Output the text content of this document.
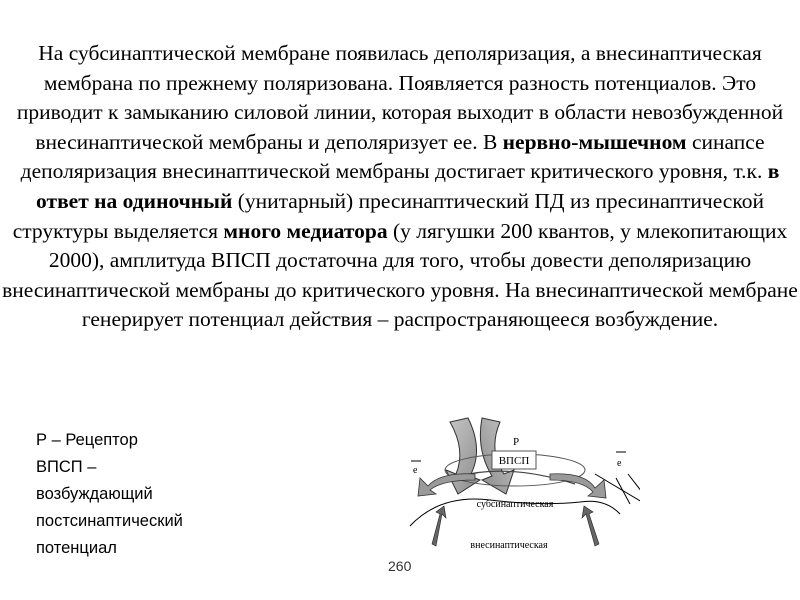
На субсинаптической мембране появилась деполяризация, а внесинаптическая мембрана по прежнему поляризована. Появляется разность потенциалов. Это приводит к замыканию силовой линии, которая выходит в области невозбужденной внесинаптической мембраны и деполяризует ее. В нервно-мышечном синапсе деполяризация внесинаптической мембраны достигает критического уровня, т.к. в ответ на одиночный (унитарный) пресинаптический ПД из пресинаптической структуры выделяется много медиатора (у лягушки 200 квантов, у млекопитающих 2000), амплитуда ВПСП достаточна для того, чтобы довести деполяризацию внесинаптической мембраны до критического уровня. На внесинаптической мембране генерирует потенциал действия – распространяющееся возбуждение.
Р – Рецептор
ВПСП –
возбуждающий
постсинаптический
потенциал
Р
ВПСП
е
е
субсинаптическая
внесинаптическая
260
